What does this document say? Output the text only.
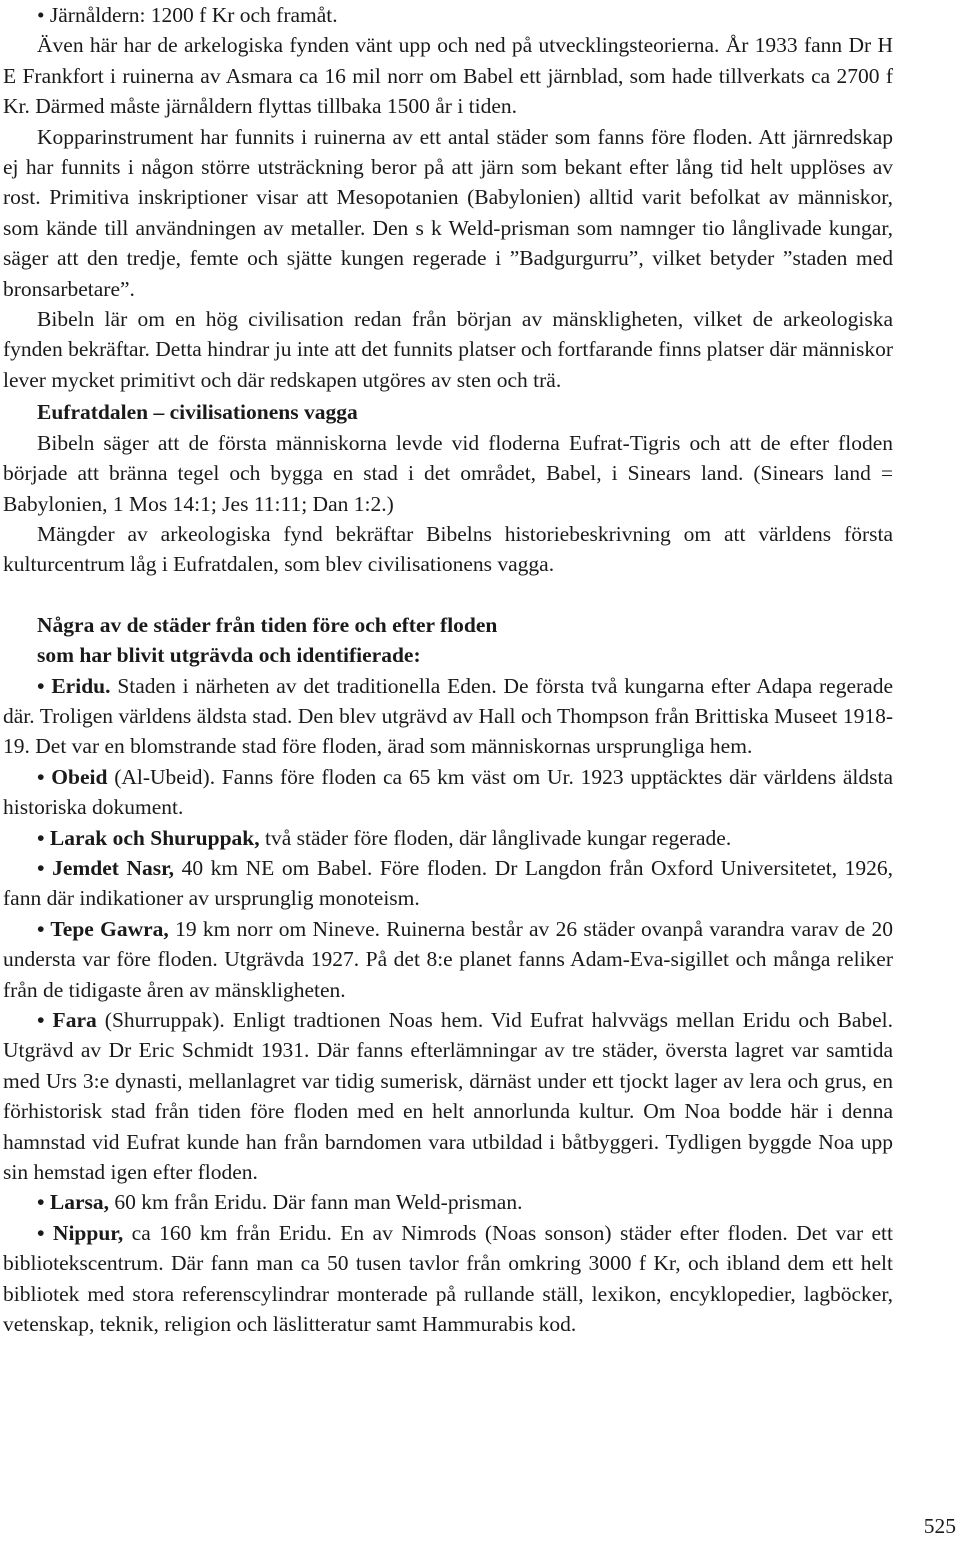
• Järnåldern: 1200 f Kr och framåt.

Även här har de arkelogiska fynden vänt upp och ned på utvecklingsteorierna. År 1933 fann Dr H E Frankfort i ruinerna av Asmara ca 16 mil norr om Babel ett järnblad, som hade tillverkats ca 2700 f Kr. Därmed måste järnåldern flyttas tillbaka 1500 år i tiden.

Kopparinstrument har funnits i ruinerna av ett antal städer som fanns före floden. Att järnredskap ej har funnits i någon större utsträckning beror på att järn som bekant efter lång tid helt upplöses av rost. Primitiva inskriptioner visar att Mesopotanien (Babylonien) alltid varit befolkat av människor, som kände till användningen av metaller. Den s k Weld-prisman som namnger tio långlivade kungar, säger att den tredje, femte och sjätte kungen regerade i ”Badgurgurru”, vilket betyder ”staden med bronsarbetare”.

Bibeln lär om en hög civilisation redan från början av mänskligheten, vilket de arkeologiska fynden bekräftar. Detta hindrar ju inte att det funnits platser och fortfarande finns platser där människor lever mycket primitivt och där redskapen utgöres av sten och trä.

Eufratdalen – civilisationens vagga

Bibeln säger att de första människorna levde vid floderna Eufrat-Tigris och att de efter floden började att bränna tegel och bygga en stad i det området, Babel, i Sinears land. (Sinears land = Babylonien, 1 Mos 14:1; Jes 11:11; Dan 1:2.)

Mängder av arkeologiska fynd bekräftar Bibelns historiebeskrivning om att världens första kulturcentrum låg i Eufratdalen, som blev civilisationens vagga.

Några av de städer från tiden före och efter floden
som har blivit utgrävda och identifierade:

• Eridu. Staden i närheten av det traditionella Eden. De första två kungarna efter Adapa regerade där. Troligen världens äldsta stad. Den blev utgrävd av Hall och Thompson från Brittiska Museet 1918-19. Det var en blomstrande stad före floden, ärad som människornas ursprungliga hem.

• Obeid (Al-Ubeid). Fanns före floden ca 65 km väst om Ur. 1923 upptäcktes där världens äldsta historiska dokument.

• Larak och Shuruppak, två städer före floden, där långlivade kungar regerade.

• Jemdet Nasr, 40 km NE om Babel. Före floden. Dr Langdon från Oxford Universitetet, 1926, fann där indikationer av ursprunglig monoteism.

• Tepe Gawra, 19 km norr om Nineve. Ruinerna består av 26 städer ovanpå varandra varav de 20 understa var före floden. Utgrävda 1927. På det 8:e planet fanns Adam-Eva-sigillet och många reliker från de tidigaste åren av mänskligheten.

• Fara (Shurruppak). Enligt tradtionen Noas hem. Vid Eufrat halvvägs mellan Eridu och Babel. Utgrävd av Dr Eric Schmidt 1931. Där fanns efterlämningar av tre städer, översta lagret var samtida med Urs 3:e dynasti, mellanlagret var tidig sumerisk, därnäst under ett tjockt lager av lera och grus, en förhistorisk stad från tiden före floden med en helt annorlunda kultur. Om Noa bodde här i denna hamnstad vid Eufrat kunde han från barndomen vara utbildad i båtbyggeri. Tydligen byggde Noa upp sin hemstad igen efter floden.

• Larsa, 60 km från Eridu. Där fann man Weld-prisman.

• Nippur, ca 160 km från Eridu. En av Nimrods (Noas sonson) städer efter floden. Det var ett bibliotekscentrum. Där fann man ca 50 tusen tavlor från omkring 3000 f Kr, och ibland dem ett helt bibliotek med stora referenscylindrar monterade på rullande ställ, lexikon, encyklopedier, lagböcker, vetenskap, teknik, religion och läslitteratur samt Hammurabis kod.

525
